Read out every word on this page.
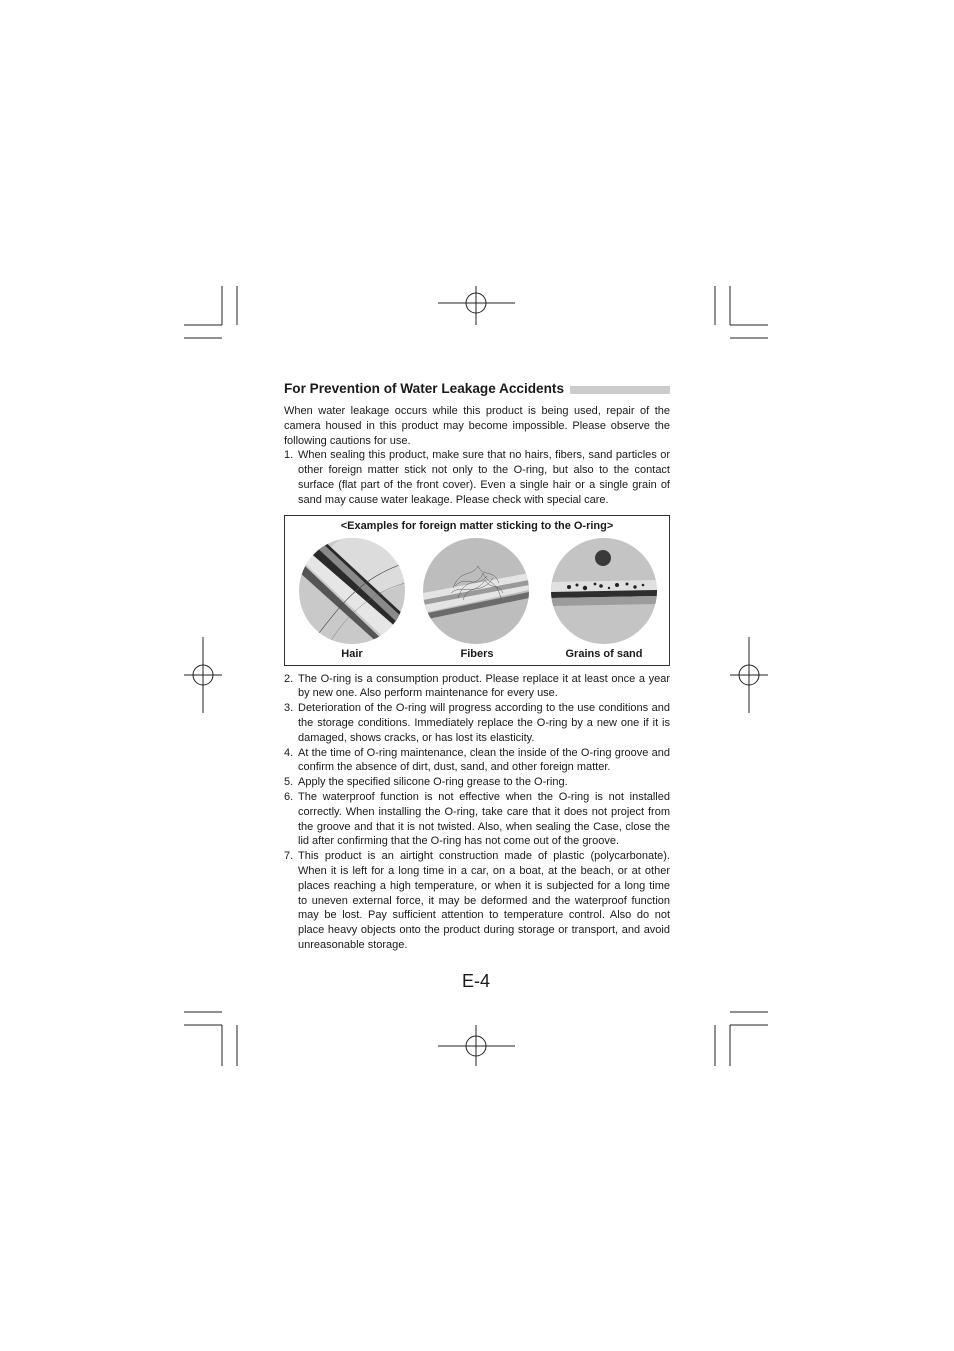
For Prevention of Water Leakage Accidents

When water leakage occurs while this product is being used, repair of the camera housed in this product may become impossible. Please observe the following cautions for use.

1. When sealing this product, make sure that no hairs, fibers, sand particles or other foreign matter stick not only to the O-ring, but also to the contact surface (flat part of the front cover). Even a single hair or a single grain of sand may cause water leakage. Please check with special care.
<Examples for foreign matter sticking to the O-ring>
Hair	Fibers	Grains of sand
2. The O-ring is a consumption product. Please replace it at least once a year by new one. Also perform maintenance for every use.
3. Deterioration of the O-ring will progress according to the use conditions and the storage conditions. Immediately replace the O-ring by a new one if it is damaged, shows cracks, or has lost its elasticity.
4. At the time of O-ring maintenance, clean the inside of the O-ring groove and confirm the absence of dirt, dust, sand, and other foreign matter.
5. Apply the specified silicone O-ring grease to the O-ring.
6. The waterproof function is not effective when the O-ring is not installed correctly. When installing the O-ring, take care that it does not project from the groove and that it is not twisted. Also, when sealing the Case, close the lid after confirming that the O-ring has not come out of the groove.
7. This product is an airtight construction made of plastic (polycarbonate). When it is left for a long time in a car, on a boat, at the beach, or at other places reaching a high temperature, or when it is subjected for a long time to uneven external force, it may be deformed and the waterproof function may be lost. Pay sufficient attention to temperature control. Also do not place heavy objects onto the product during storage or transport, and avoid unreasonable storage.
E-4
